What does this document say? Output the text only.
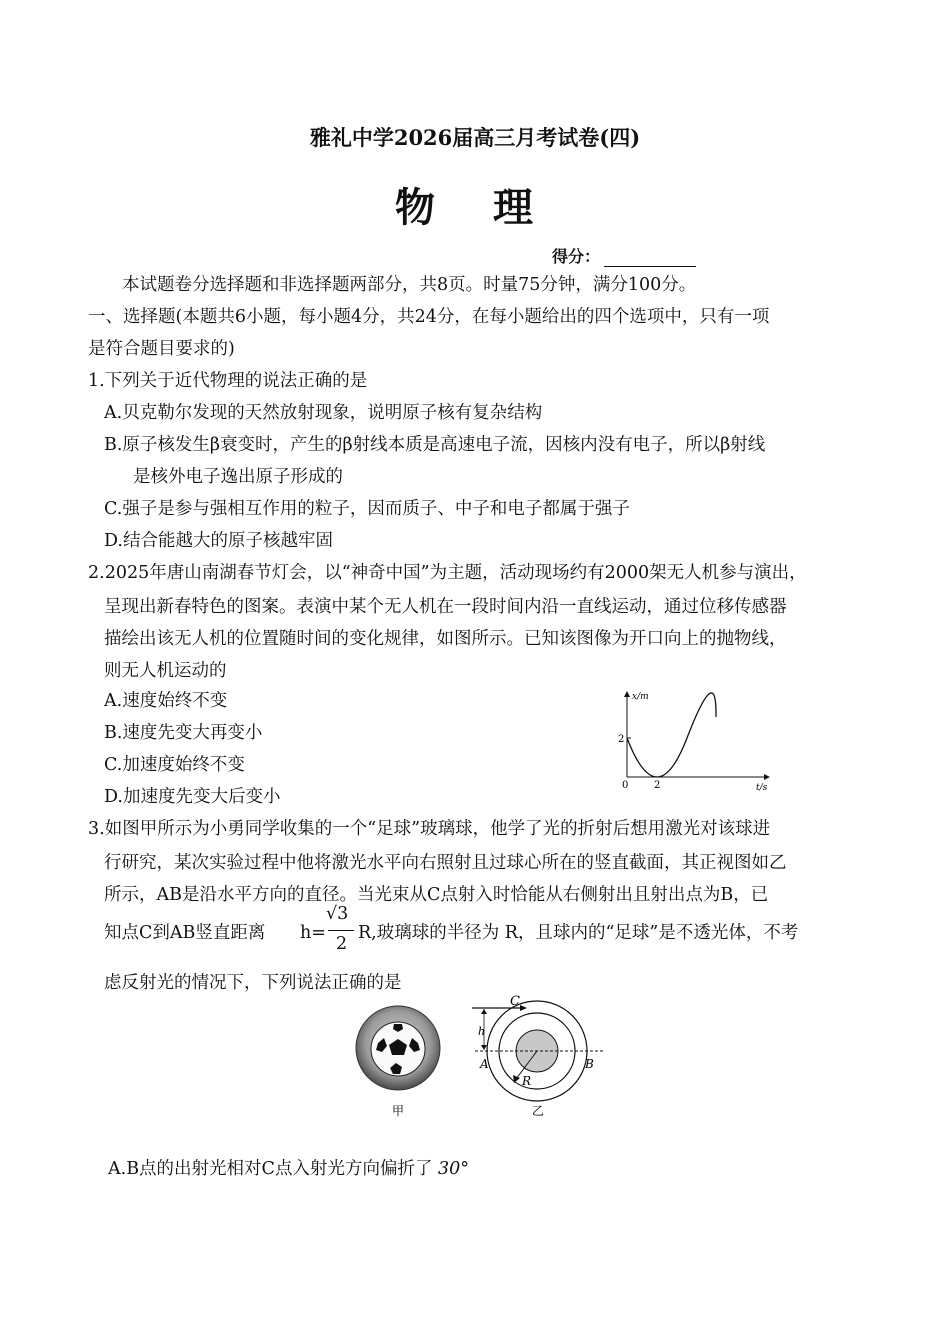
雅礼中学2026届高三月考试卷(四)
物 理
得分：
本试题卷分选择题和非选择题两部分，共8页。时量75分钟，满分100分。
一、选择题(本题共6小题，每小题4分，共24分，在每小题给出的四个选项中，只有一项
是符合题目要求的)
1.下列关于近代物理的说法正确的是
A.贝克勒尔发现的天然放射现象，说明原子核有复杂结构
B.原子核发生β衰变时，产生的β射线本质是高速电子流，因核内没有电子，所以β射线
是核外电子逸出原子形成的
C.强子是参与强相互作用的粒子，因而质子、中子和电子都属于强子
D.结合能越大的原子核越牢固
2.2025年唐山南湖春节灯会，以“神奇中国”为主题，活动现场约有2000架无人机参与演出，
呈现出新春特色的图案。表演中某个无人机在一段时间内沿一直线运动，通过位移传感器
描绘出该无人机的位置随时间的变化规律，如图所示。已知该图像为开口向上的抛物线，
则无人机运动的
A.速度始终不变
B.速度先变大再变小
C.加速度始终不变
D.加速度先变大后变小
x/m
t/s
0	2
2
3.如图甲所示为小勇同学收集的一个“足球”玻璃球，他学了光的折射后想用激光对该球进
行研究，某次实验过程中他将激光水平向右照射且过球心所在的竖直截面，其正视图如乙
所示，AB是沿水平方向的直径。当光束从C点射入时恰能从右侧射出且射出点为B，已
知点C到AB竖直距离 h=
√3
2
R,玻璃球的半径为 R，且球内的“足球”是不透光体，不考
虑反射光的情况下，下列说法正确的是
甲
C
h
A	B
R
乙
A.B点的出射光相对C点入射光方向偏折了 30°
